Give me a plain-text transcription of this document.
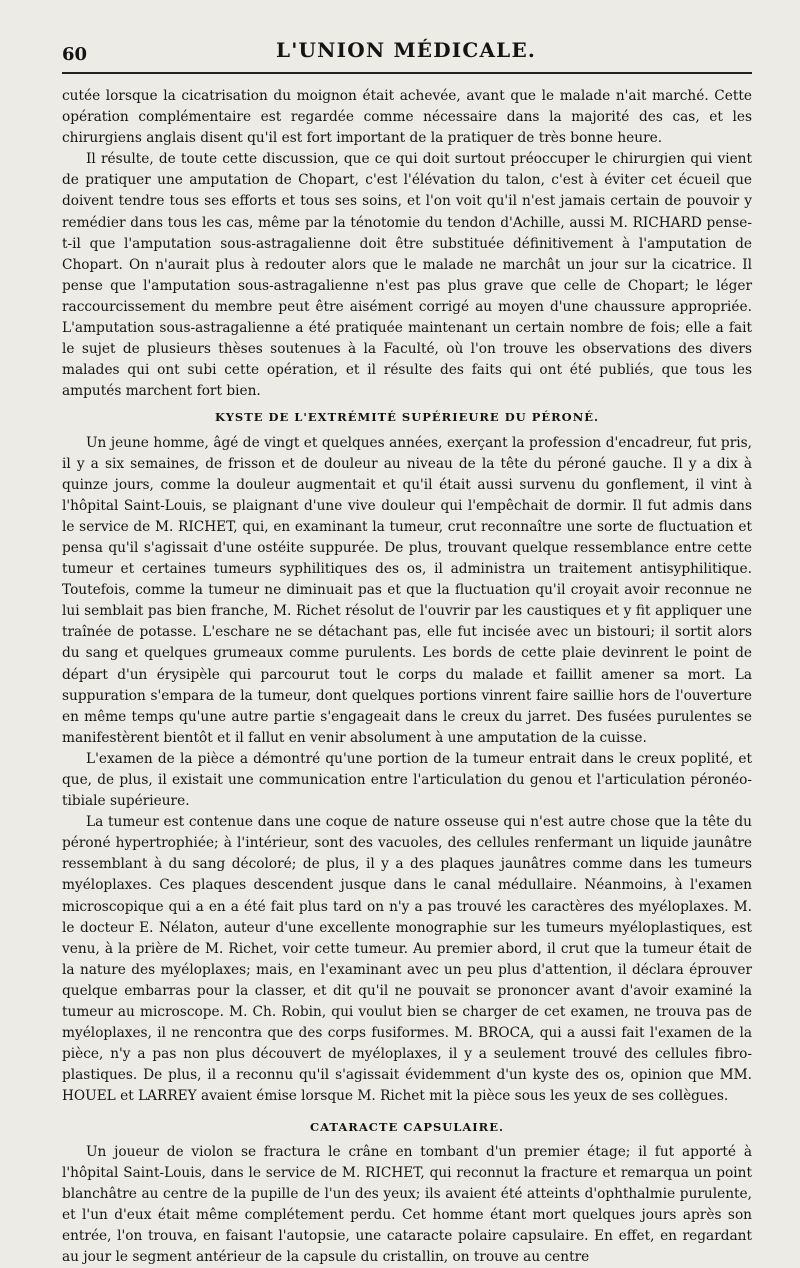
60	L'UNION MÉDICALE.

cutée lorsque la cicatrisation du moignon était achevée, avant que le malade n'ait marché. Cette opération complémentaire est regardée comme nécessaire dans la majorité des cas, et les chirurgiens anglais disent qu'il est fort important de la pratiquer de très bonne heure.

Il résulte, de toute cette discussion, que ce qui doit surtout préoccuper le chirurgien qui vient de pratiquer une amputation de Chopart, c'est l'élévation du talon, c'est à éviter cet écueil que doivent tendre tous ses efforts et tous ses soins, et l'on voit qu'il n'est jamais certain de pouvoir y remédier dans tous les cas, même par la ténotomie du tendon d'Achille, aussi M. RICHARD pense-t-il que l'amputation sous-astragalienne doit être substituée définitivement à l'amputation de Chopart. On n'aurait plus à redouter alors que le malade ne marchât un jour sur la cicatrice. Il pense que l'amputation sous-astragalienne n'est pas plus grave que celle de Chopart; le léger raccourcissement du membre peut être aisément corrigé au moyen d'une chaussure appropriée. L'amputation sous-astragalienne a été pratiquée maintenant un certain nombre de fois; elle a fait le sujet de plusieurs thèses soutenues à la Faculté, où l'on trouve les observations des divers malades qui ont subi cette opération, et il résulte des faits qui ont été publiés, que tous les amputés marchent fort bien.

KYSTE DE L'EXTRÉMITÉ SUPÉRIEURE DU PÉRONÉ.

Un jeune homme, âgé de vingt et quelques années, exerçant la profession d'encadreur, fut pris, il y a six semaines, de frisson et de douleur au niveau de la tête du péroné gauche. Il y a dix à quinze jours, comme la douleur augmentait et qu'il était aussi survenu du gonflement, il vint à l'hôpital Saint-Louis, se plaignant d'une vive douleur qui l'empêchait de dormir. Il fut admis dans le service de M. RICHET, qui, en examinant la tumeur, crut reconnaître une sorte de fluctuation et pensa qu'il s'agissait d'une ostéite suppurée. De plus, trouvant quelque ressemblance entre cette tumeur et certaines tumeurs syphilitiques des os, il administra un traitement antisyphilitique. Toutefois, comme la tumeur ne diminuait pas et que la fluctuation qu'il croyait avoir reconnue ne lui semblait pas bien franche, M. Richet résolut de l'ouvrir par les caustiques et y fit appliquer une traînée de potasse. L'eschare ne se détachant pas, elle fut incisée avec un bistouri; il sortit alors du sang et quelques grumeaux comme purulents. Les bords de cette plaie devinrent le point de départ d'un érysipèle qui parcourut tout le corps du malade et faillit amener sa mort. La suppuration s'empara de la tumeur, dont quelques portions vinrent faire saillie hors de l'ouverture en même temps qu'une autre partie s'engageait dans le creux du jarret. Des fusées purulentes se manifestèrent bientôt et il fallut en venir absolument à une amputation de la cuisse.

L'examen de la pièce a démontré qu'une portion de la tumeur entrait dans le creux poplité, et que, de plus, il existait une communication entre l'articulation du genou et l'articulation péronéo-tibiale supérieure.

La tumeur est contenue dans une coque de nature osseuse qui n'est autre chose que la tête du péroné hypertrophiée; à l'intérieur, sont des vacuoles, des cellules renfermant un liquide jaunâtre ressemblant à du sang décoloré; de plus, il y a des plaques jaunâtres comme dans les tumeurs myéloplaxes. Ces plaques descendent jusque dans le canal médullaire. Néanmoins, à l'examen microscopique qui a en a été fait plus tard on n'y a pas trouvé les caractères des myéloplaxes. M. le docteur E. Nélaton, auteur d'une excellente monographie sur les tumeurs myéloplastiques, est venu, à la prière de M. Richet, voir cette tumeur. Au premier abord, il crut que la tumeur était de la nature des myéloplaxes; mais, en l'examinant avec un peu plus d'attention, il déclara éprouver quelque embarras pour la classer, et dit qu'il ne pouvait se prononcer avant d'avoir examiné la tumeur au microscope. M. Ch. Robin, qui voulut bien se charger de cet examen, ne trouva pas de myéloplaxes, il ne rencontra que des corps fusiformes. M. BROCA, qui a aussi fait l'examen de la pièce, n'y a pas non plus découvert de myéloplaxes, il y a seulement trouvé des cellules fibro-plastiques. De plus, il a reconnu qu'il s'agissait évidemment d'un kyste des os, opinion que MM. HOUEL et LARREY avaient émise lorsque M. Richet mit la pièce sous les yeux de ses collègues.

CATARACTE CAPSULAIRE.

Un joueur de violon se fractura le crâne en tombant d'un premier étage; il fut apporté à l'hôpital Saint-Louis, dans le service de M. RICHET, qui reconnut la fracture et remarqua un point blanchâtre au centre de la pupille de l'un des yeux; ils avaient été atteints d'ophthalmie purulente, et l'un d'eux était même complétement perdu. Cet homme étant mort quelques jours après son entrée, l'on trouva, en faisant l'autopsie, une cataracte polaire capsulaire. En effet, en regardant au jour le segment antérieur de la capsule du cristallin, on trouve au centre
